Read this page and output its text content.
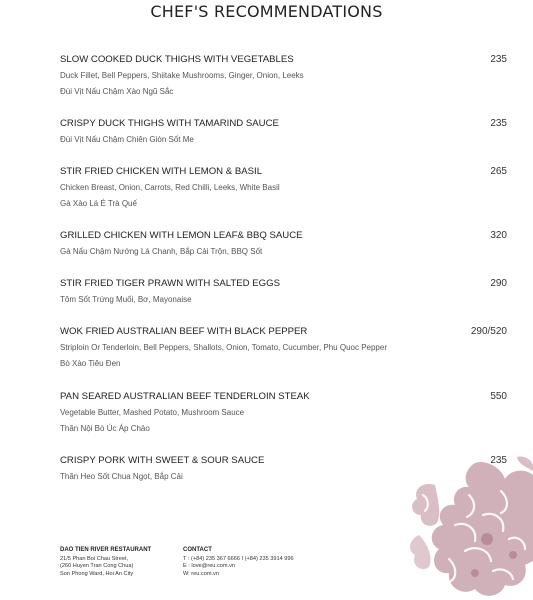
CHEF'S RECOMMENDATIONS
SLOW COOKED DUCK THIGHS WITH VEGETABLES	235
Duck Fillet, Bell Peppers, Shiitake Mushrooms, Ginger, Onion, Leeks
Đùi Vịt Nấu Chậm Xào Ngũ Sắc
CRISPY DUCK THIGHS WITH TAMARIND SAUCE	235
Đùi Vịt Nấu Chậm Chiên Giòn Sốt Me
STIR FRIED CHICKEN WITH LEMON & BASIL	265
Chicken Breast, Onion, Carrots, Red Chilli, Leeks, White Basil
Gà Xào Lá É Trà Quế
GRILLED CHICKEN WITH LEMON LEAF& BBQ SAUCE	320
Gà Nấu Chậm Nướng Lá Chanh, Bắp Cải Trộn, BBQ Sốt
STIR FRIED TIGER PRAWN WITH SALTED EGGS	290
Tôm Sốt Trứng Muối, Bơ, Mayonaise
WOK FRIED AUSTRALIAN BEEF WITH BLACK PEPPER	290/520
Striploin Or Tenderloin, Bell Peppers, Shallots, Onion, Tomato, Cucumber, Phu Quoc Pepper
Bò Xào Tiêu Đen
PAN SEARED AUSTRALIAN BEEF TENDERLOIN STEAK	550
Vegetable Butter, Mashed Potato, Mushroom Sauce
Thăn Nội Bò Úc Áp Chảo
CRISPY PORK WITH SWEET & SOUR SAUCE	235
Thăn Heo Sốt Chua Ngọt, Bắp Cải
DAO TIEN RIVER RESTAURANT
21/5 Phan Boi Chau Street,
(260 Huyen Tran Cong Chua)
Son Phong Ward, Hoi An City
CONTACT
T : (+84) 235 367 6666 I (+84) 235 3914 996
E : love@reu.com.vn
W: reu.com.vn
